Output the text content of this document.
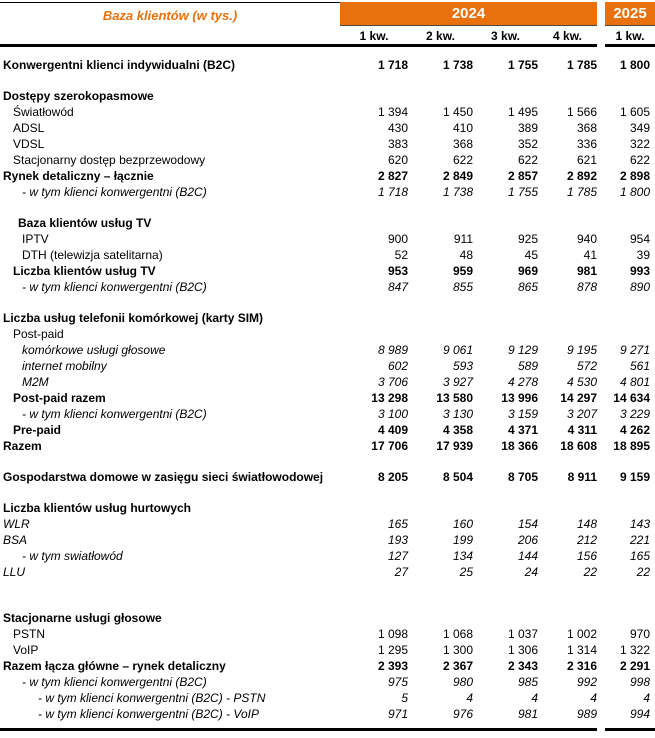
Baza klientów (w tys.)	2024	2025
1 kw.	2 kw.	3 kw.	4 kw.	1 kw.
Konwergentni klienci indywidualni (B2C)	1 718	1 738	1 755	1 785	1 800
Dostępy szerokopasmowe
Światłowód	1 394	1 450	1 495	1 566	1 605
ADSL	430	410	389	368	349
VDSL	383	368	352	336	322
Stacjonarny dostęp bezprzewodowy	620	622	622	621	622
Rynek detaliczny – łącznie	2 827	2 849	2 857	2 892	2 898
- w tym klienci konwergentni (B2C)	1 718	1 738	1 755	1 785	1 800
Baza klientów usług TV
IPTV	900	911	925	940	954
DTH (telewizja satelitarna)	52	48	45	41	39
Liczba klientów usług TV	953	959	969	981	993
- w tym klienci konwergentni (B2C)	847	855	865	878	890
Liczba usług telefonii komórkowej (karty SIM)
Post-paid
komórkowe usługi głosowe	8 989	9 061	9 129	9 195	9 271
internet mobilny	602	593	589	572	561
M2M	3 706	3 927	4 278	4 530	4 801
Post-paid razem	13 298	13 580	13 996	14 297	14 634
- w tym klienci konwergentni (B2C)	3 100	3 130	3 159	3 207	3 229
Pre-paid	4 409	4 358	4 371	4 311	4 262
Razem	17 706	17 939	18 366	18 608	18 895
Gospodarstwa domowe w zasięgu sieci światłowodowej	8 205	8 504	8 705	8 911	9 159
Liczba klientów usług hurtowych
WLR	165	160	154	148	143
BSA	193	199	206	212	221
- w tym swiatłowód	127	134	144	156	165
LLU	27	25	24	22	22
Stacjonarne usługi głosowe
PSTN	1 098	1 068	1 037	1 002	970
VoIP	1 295	1 300	1 306	1 314	1 322
Razem łącza główne – rynek detaliczny	2 393	2 367	2 343	2 316	2 291
- w tym klienci konwergentni (B2C)	975	980	985	992	998
- w tym klienci konwergentni (B2C) - PSTN	5	4	4	4	4
- w tym klienci konwergentni (B2C) - VoIP	971	976	981	989	994
